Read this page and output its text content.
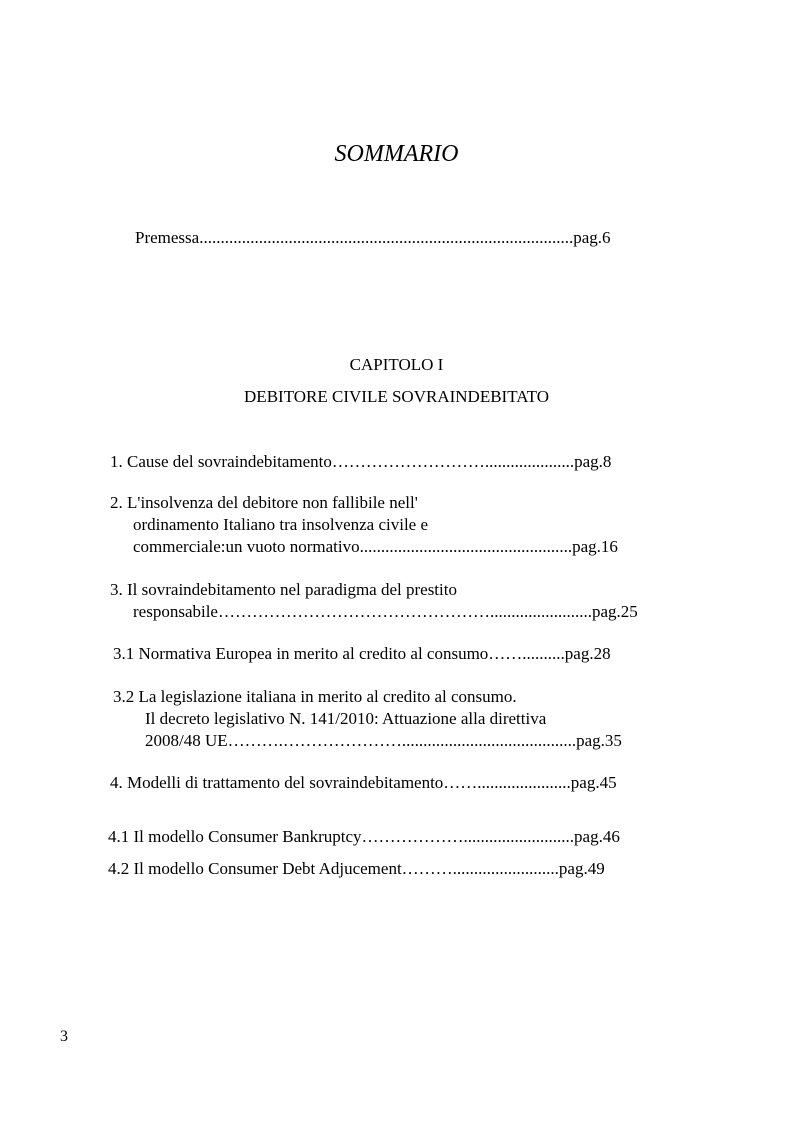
SOMMARIO
Premessa........................................................................................pag.6
CAPITOLO I
DEBITORE CIVILE SOVRAINDEBITATO
1. Cause del sovraindebitamento……………………….....................pag.8
2. L'insolvenza del debitore non fallibile nell'
ordinamento Italiano tra insolvenza civile e
commerciale:un vuoto normativo..................................................pag.16
3. Il sovraindebitamento nel paradigma del prestito
responsabile…………………………………………........................pag.25
3.1 Normativa Europea in merito al credito al consumo……..........pag.28
3.2 La legislazione italiana in merito al credito al consumo.
Il decreto legislativo N. 141/2010: Attuazione alla direttiva
2008/48 UE……….………………….........................................pag.35
4. Modelli di trattamento del sovraindebitamento……......................pag.45
4.1 Il modello Consumer Bankruptcy………………..........................pag.46
4.2 Il modello Consumer Debt Adjucement……….........................pag.49
3
